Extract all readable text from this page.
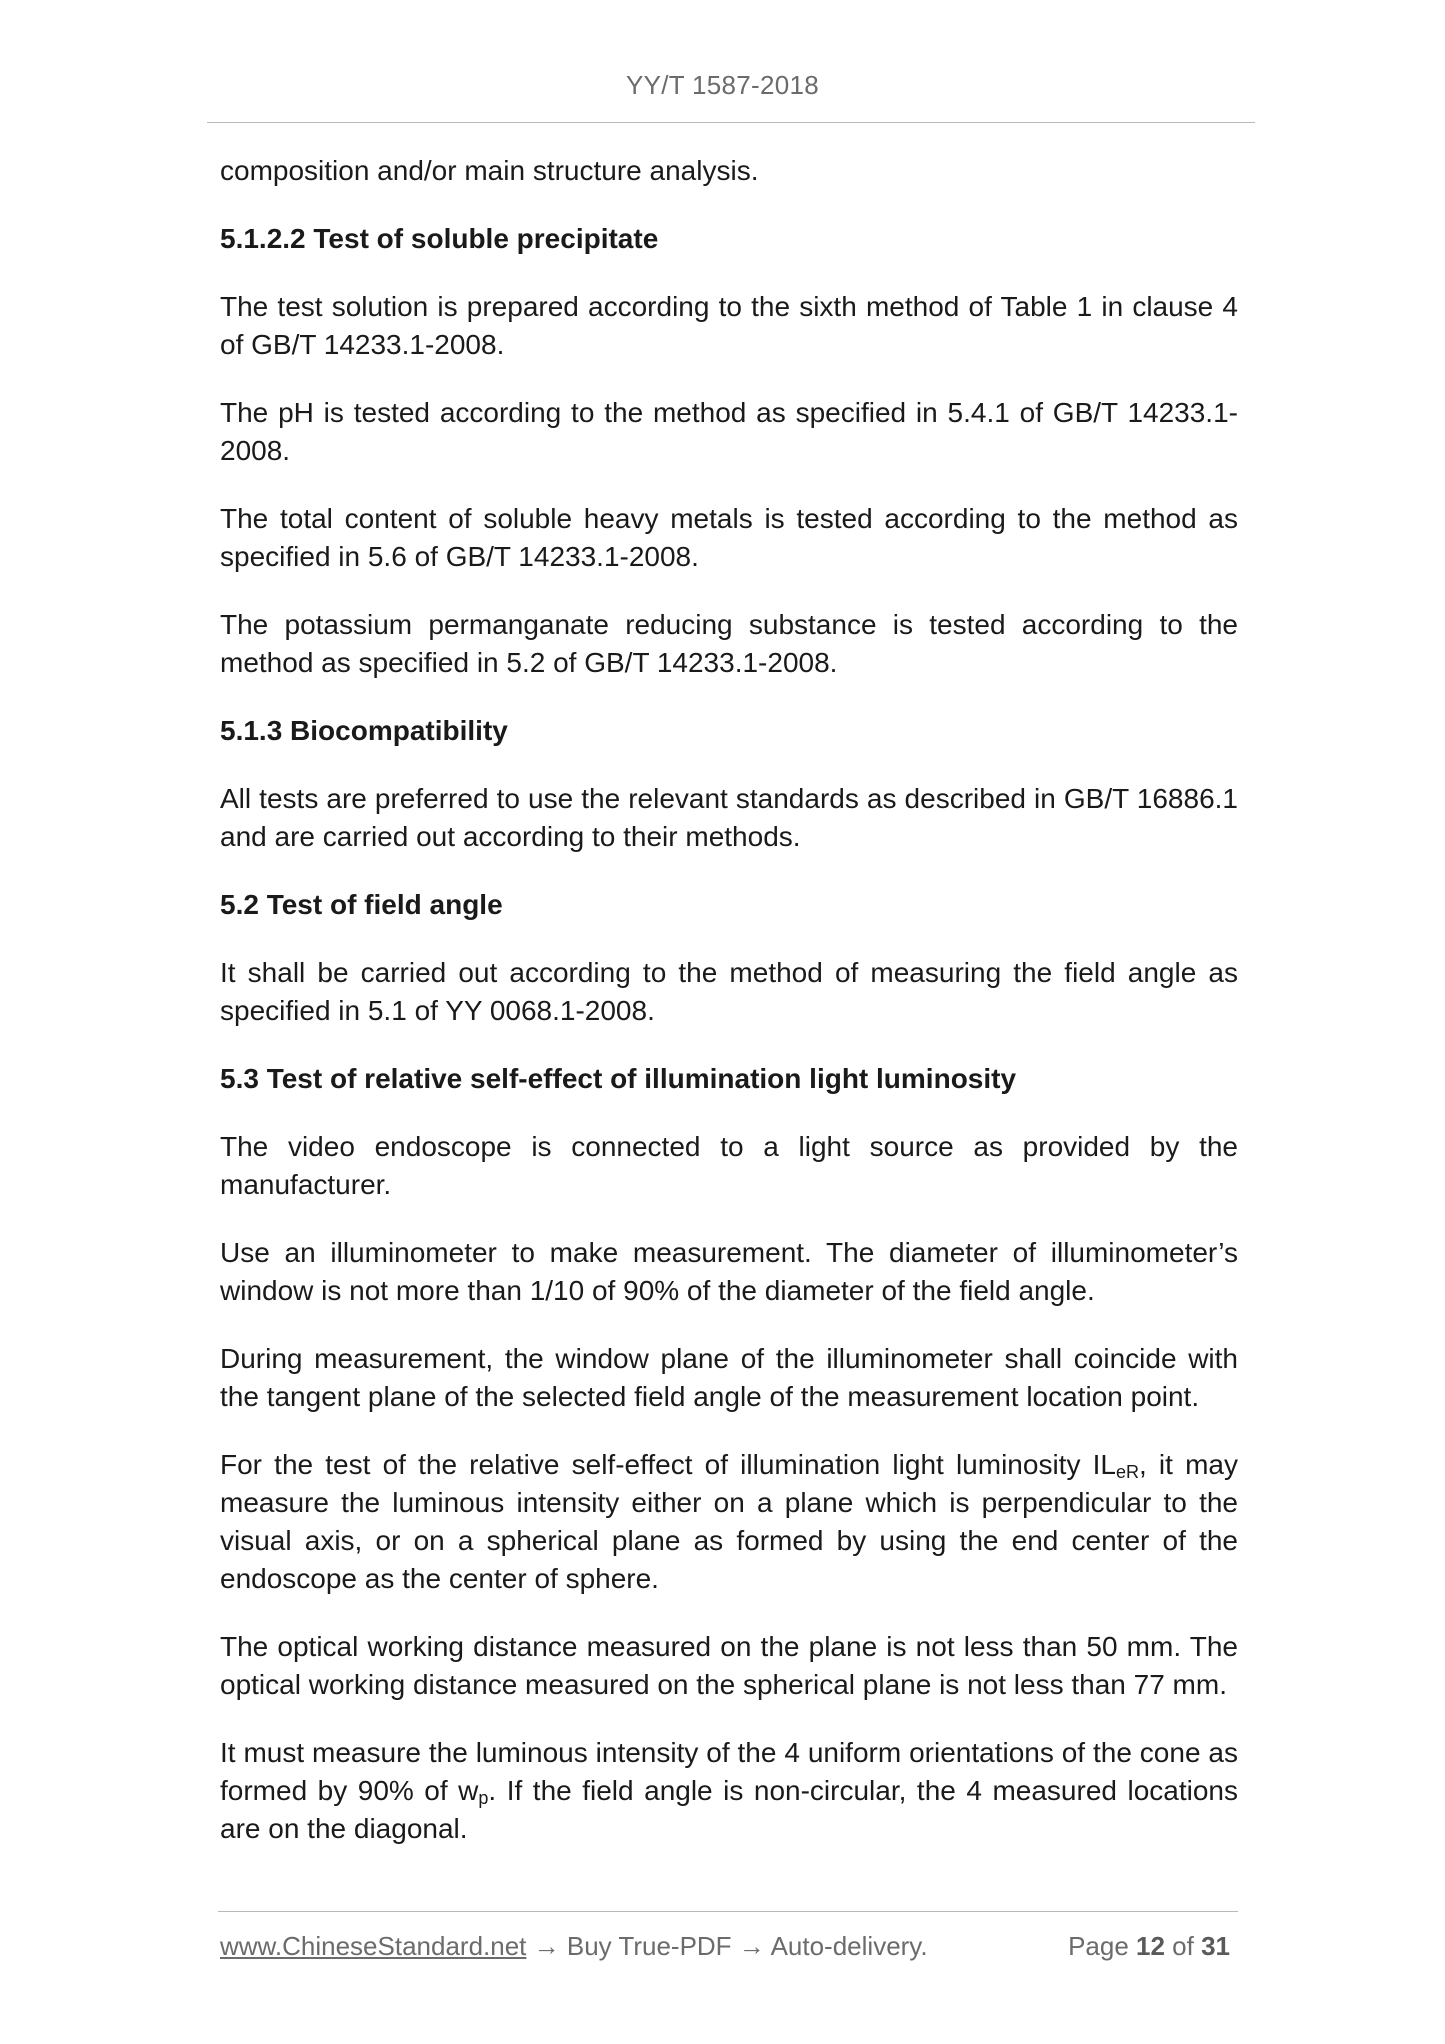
YY/T 1587-2018

composition and/or main structure analysis.

5.1.2.2 Test of soluble precipitate

The test solution is prepared according to the sixth method of Table 1 in clause 4 of GB/T 14233.1-2008.

The pH is tested according to the method as specified in 5.4.1 of GB/T 14233.1-2008.

The total content of soluble heavy metals is tested according to the method as specified in 5.6 of GB/T 14233.1-2008.

The potassium permanganate reducing substance is tested according to the method as specified in 5.2 of GB/T 14233.1-2008.

5.1.3 Biocompatibility

All tests are preferred to use the relevant standards as described in GB/T 16886.1 and are carried out according to their methods.

5.2 Test of field angle

It shall be carried out according to the method of measuring the field angle as specified in 5.1 of YY 0068.1-2008.

5.3 Test of relative self-effect of illumination light luminosity

The video endoscope is connected to a light source as provided by the manufacturer.

Use an illuminometer to make measurement. The diameter of illuminometer’s window is not more than 1/10 of 90% of the diameter of the field angle.

During measurement, the window plane of the illuminometer shall coincide with the tangent plane of the selected field angle of the measurement location point.

For the test of the relative self-effect of illumination light luminosity $IL_{eR}$, it may measure the luminous intensity either on a plane which is perpendicular to the visual axis, or on a spherical plane as formed by using the end center of the endoscope as the center of sphere.

The optical working distance measured on the plane is not less than 50 mm. The optical working distance measured on the spherical plane is not less than 77 mm.

It must measure the luminous intensity of the 4 uniform orientations of the cone as formed by 90% of $w_p$. If the field angle is non-circular, the 4 measured locations are on the diagonal.

www.ChineseStandard.net → Buy True-PDF → Auto-delivery.	Page 12 of 31
